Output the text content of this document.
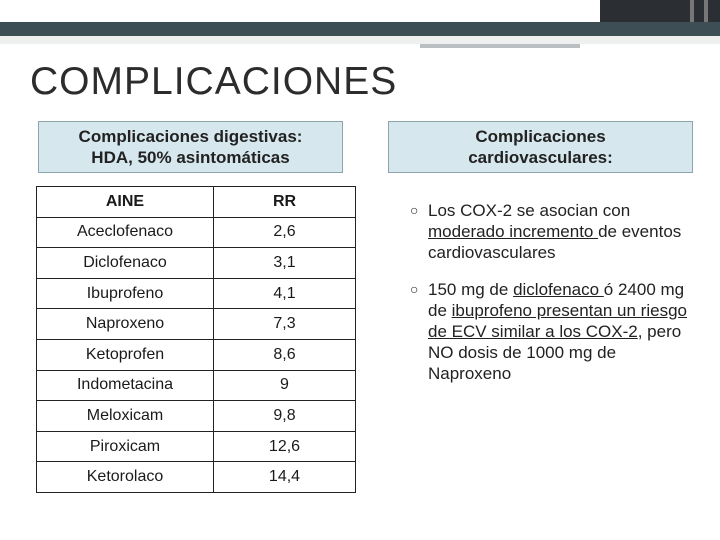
COMPLICACIONES
Complicaciones digestivas:
HDA, 50% asintomáticas
Complicaciones
cardiovasculares:
AINE	RR
Aceclofenaco	2,6
Diclofenaco	3,1
Ibuprofeno	4,1
Naproxeno	7,3
Ketoprofen	8,6
Indometacina	9
Meloxicam	9,8
Piroxicam	12,6
Ketorolaco	14,4
○ Los COX-2 se asocian con moderado incremento de eventos cardiovasculares
○ 150 mg de diclofenaco ó 2400 mg de ibuprofeno presentan un riesgo de ECV similar a los COX-2, pero NO dosis de 1000 mg de Naproxeno
